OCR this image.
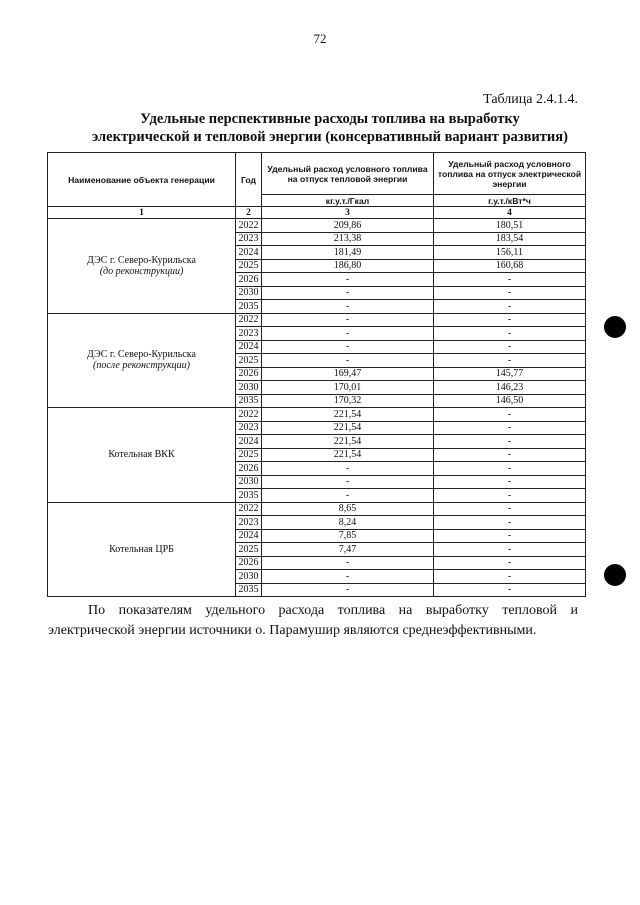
72
Таблица 2.4.1.4.
Удельные перспективные расходы топлива на выработку
электрической и тепловой энергии (консервативный вариант развития)
Наименование объекта генерации	Год	Удельный расход условного топлива на отпуск тепловой энергии	Удельный расход условного топлива на отпуск электрической энергии
		кг.у.т./Гкал	г.у.т./кВт*ч
1	2	3	4
ДЭС г. Северо-Курильска
(до реконструкции)	2022	209,86	180,51
	2023	213,38	183,54
	2024	181,49	156,11
	2025	186,80	160,68
	2026	-	-
	2030	-	-
	2035	-	-
ДЭС г. Северо-Курильска
(после реконструкции)	2022	-	-
	2023	-	-
	2024	-	-
	2025	-	-
	2026	169,47	145,77
	2030	170,01	146,23
	2035	170,32	146,50
Котельная ВКК	2022	221,54	-
	2023	221,54	-
	2024	221,54	-
	2025	221,54	-
	2026	-	-
	2030	-	-
	2035	-	-
Котельная ЦРБ	2022	8,65	-
	2023	8,24	-
	2024	7,85	-
	2025	7,47	-
	2026	-	-
	2030	-	-
	2035	-	-
По показателям удельного расхода топлива на выработку тепловой и электрической энергии источники о. Парамушир являются среднеэффективными.
